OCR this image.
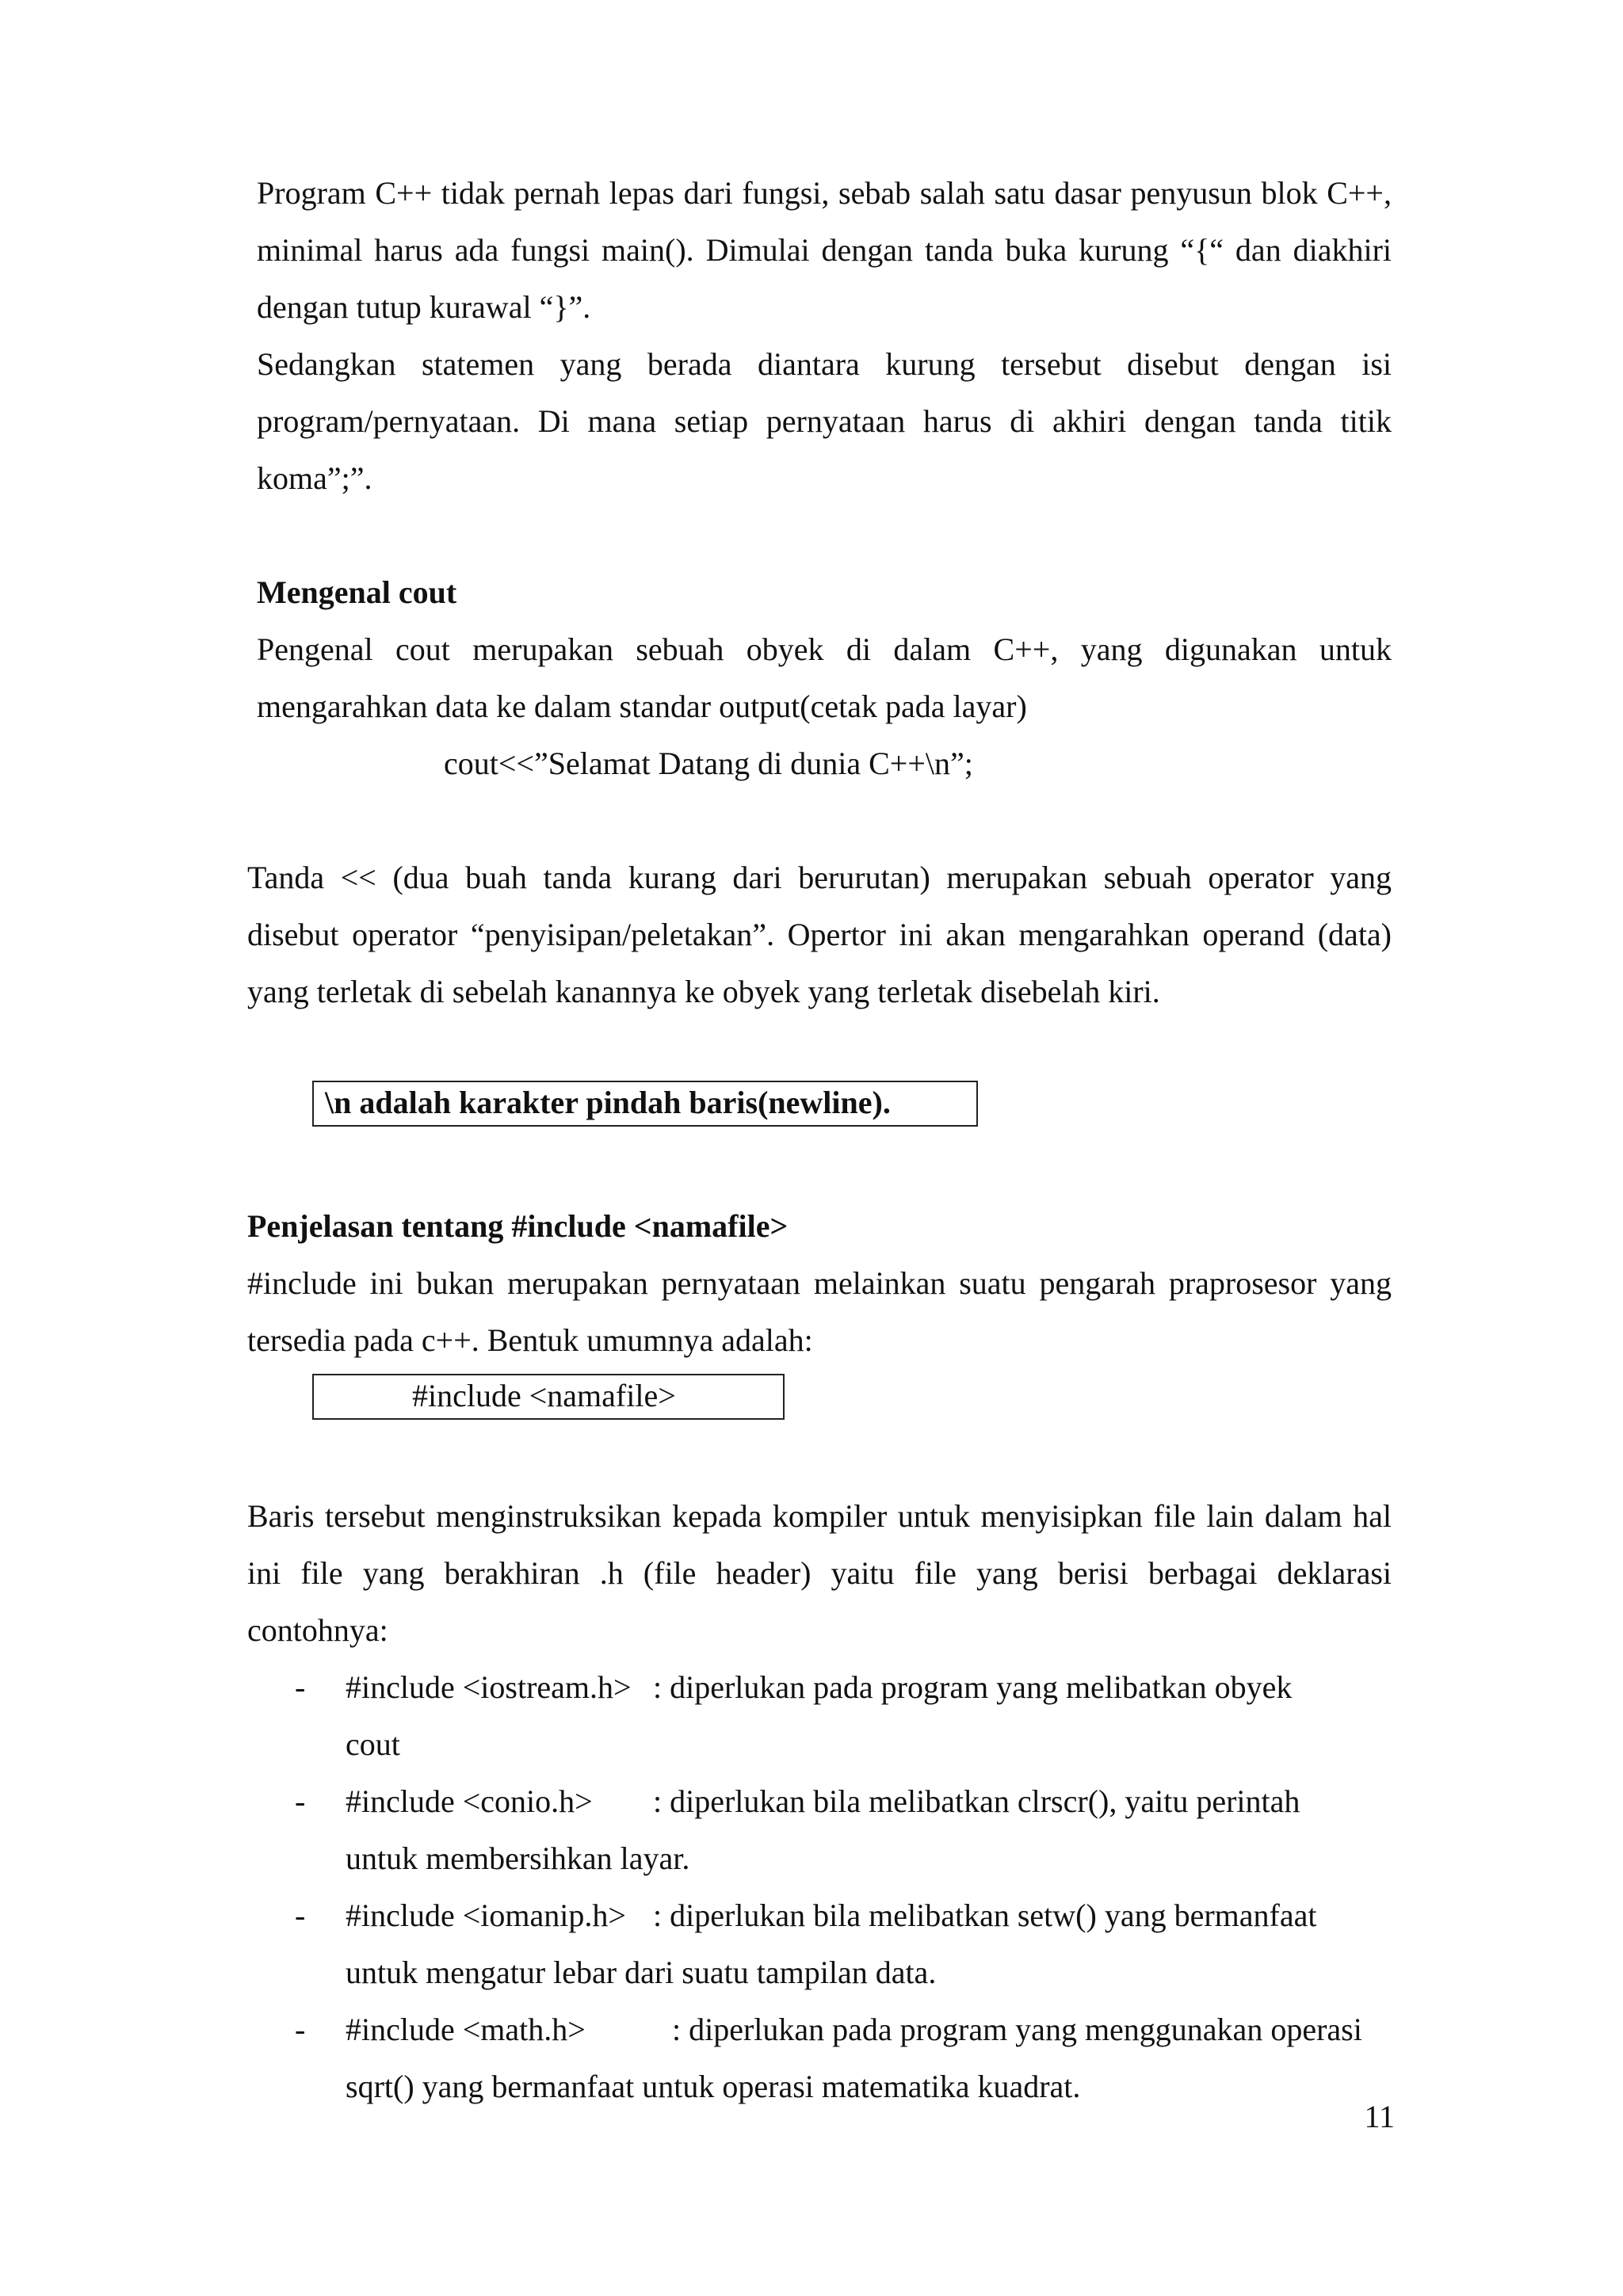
Program C++ tidak pernah lepas dari fungsi, sebab salah satu dasar penyusun blok C++, minimal harus ada fungsi main(). Dimulai dengan tanda buka kurung “{“ dan diakhiri dengan tutup kurawal “}”.
Sedangkan statemen yang berada diantara kurung tersebut disebut dengan isi program/pernyataan. Di mana setiap pernyataan harus di akhiri dengan tanda titik koma”;”.
Mengenal cout
Pengenal cout merupakan sebuah obyek di dalam C++, yang digunakan untuk mengarahkan data ke dalam standar output(cetak pada layar)
cout<<”Selamat Datang di dunia C++\n”;
Tanda << (dua buah tanda kurang dari berurutan) merupakan sebuah operator yang disebut operator “penyisipan/peletakan”. Opertor ini akan mengarahkan operand (data) yang terletak di sebelah kanannya ke obyek yang terletak disebelah kiri.
\n adalah karakter pindah baris(newline).
Penjelasan tentang #include <namafile>
#include ini bukan merupakan pernyataan melainkan suatu pengarah praprosesor yang tersedia pada c++. Bentuk umumnya adalah:
#include <namafile>
Baris tersebut menginstruksikan kepada kompiler untuk menyisipkan file lain dalam hal ini file yang berakhiran .h (file header) yaitu file yang berisi berbagai deklarasi contohnya:
- #include <iostream.h> : diperlukan pada program yang melibatkan obyek
cout
- #include <conio.h> : diperlukan bila melibatkan clrscr(), yaitu perintah
untuk membersihkan layar.
- #include <iomanip.h> : diperlukan bila melibatkan setw() yang bermanfaat
untuk mengatur lebar dari suatu tampilan data.
- #include <math.h>	: diperlukan pada program yang menggunakan operasi
sqrt() yang bermanfaat untuk operasi matematika kuadrat.
11
